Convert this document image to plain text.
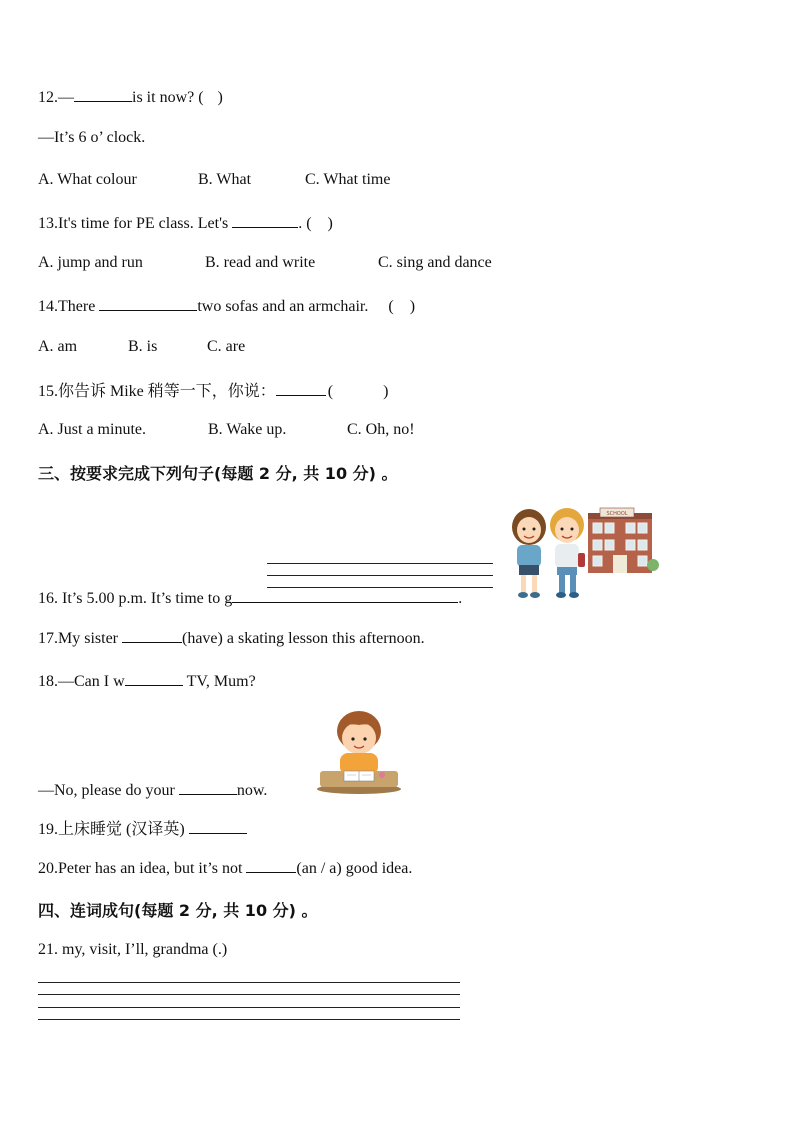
12.—	is it now? ( )
—It’s 6 o’ clock.
A. What colour	B. What	C. What time
13.It's time for PE class. Let's	. ( )
A. jump and run	B. read and write	C. sing and dance
14.There	two sofas and an armchair. ( )
A. am	B. is	C. are
15.你告诉 Mike 稍等一下，你说：	(	)
A. Just a minute.	B. Wake up.	C. Oh, no!
三、按要求完成下列句子(每题 2 分, 共 10 分) 。
16. It’s 5.00 p.m. It’s time to g	.
SCHOOL
17.My sister	(have) a skating lesson this afternoon.
18.—Can I w	TV, Mum?
—No, please do your	now.
19.上床睡觉 (汉译英)
20.Peter has an idea, but it’s not	(an / a) good idea.
四、连词成句(每题 2 分, 共 10 分) 。
21. my, visit, I’ll, grandma (.)
